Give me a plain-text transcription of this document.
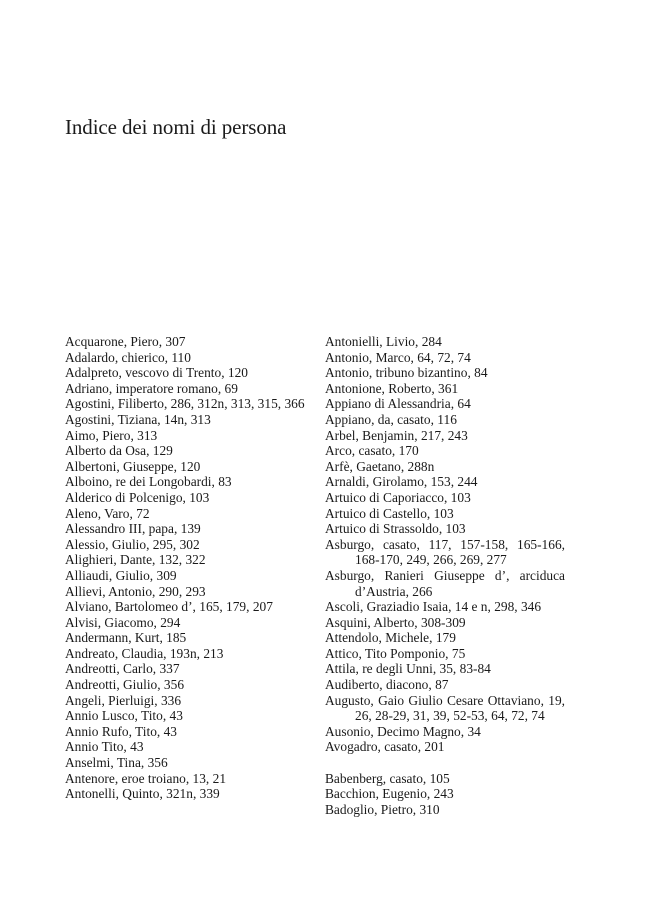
Indice dei nomi di persona
Acquarone, Piero, 307
Adalardo, chierico, 110
Adalpreto, vescovo di Trento, 120
Adriano, imperatore romano, 69
Agostini, Filiberto, 286, 312n, 313, 315, 366
Agostini, Tiziana, 14n, 313
Aimo, Piero, 313
Alberto da Osa, 129
Albertoni, Giuseppe, 120
Alboino, re dei Longobardi, 83
Alderico di Polcenigo, 103
Aleno, Varo, 72
Alessandro III, papa, 139
Alessio, Giulio, 295, 302
Alighieri, Dante, 132, 322
Alliaudi, Giulio, 309
Allievi, Antonio, 290, 293
Alviano, Bartolomeo d’, 165, 179, 207
Alvisi, Giacomo, 294
Andermann, Kurt, 185
Andreato, Claudia, 193n, 213
Andreotti, Carlo, 337
Andreotti, Giulio, 356
Angeli, Pierluigi, 336
Annio Lusco, Tito, 43
Annio Rufo, Tito, 43
Annio Tito, 43
Anselmi, Tina, 356
Antenore, eroe troiano, 13, 21
Antonelli, Quinto, 321n, 339
Antonielli, Livio, 284
Antonio, Marco, 64, 72, 74
Antonio, tribuno bizantino, 84
Antonione, Roberto, 361
Appiano di Alessandria, 64
Appiano, da, casato, 116
Arbel, Benjamin, 217, 243
Arco, casato, 170
Arfè, Gaetano, 288n
Arnaldi, Girolamo, 153, 244
Artuico di Caporiacco, 103
Artuico di Castello, 103
Artuico di Strassoldo, 103
Asburgo, casato, 117, 157-158, 165-166, 168-170, 249, 266, 269, 277
Asburgo, Ranieri Giuseppe d’, arciduca d’Austria, 266
Ascoli, Graziadio Isaia, 14 e n, 298, 346
Asquini, Alberto, 308-309
Attendolo, Michele, 179
Attico, Tito Pomponio, 75
Attila, re degli Unni, 35, 83-84
Audiberto, diacono, 87
Augusto, Gaio Giulio Cesare Ottaviano, 19, 26, 28-29, 31, 39, 52-53, 64, 72, 74
Ausonio, Decimo Magno, 34
Avogadro, casato, 201
Babenberg, casato, 105
Bacchion, Eugenio, 243
Badoglio, Pietro, 310
